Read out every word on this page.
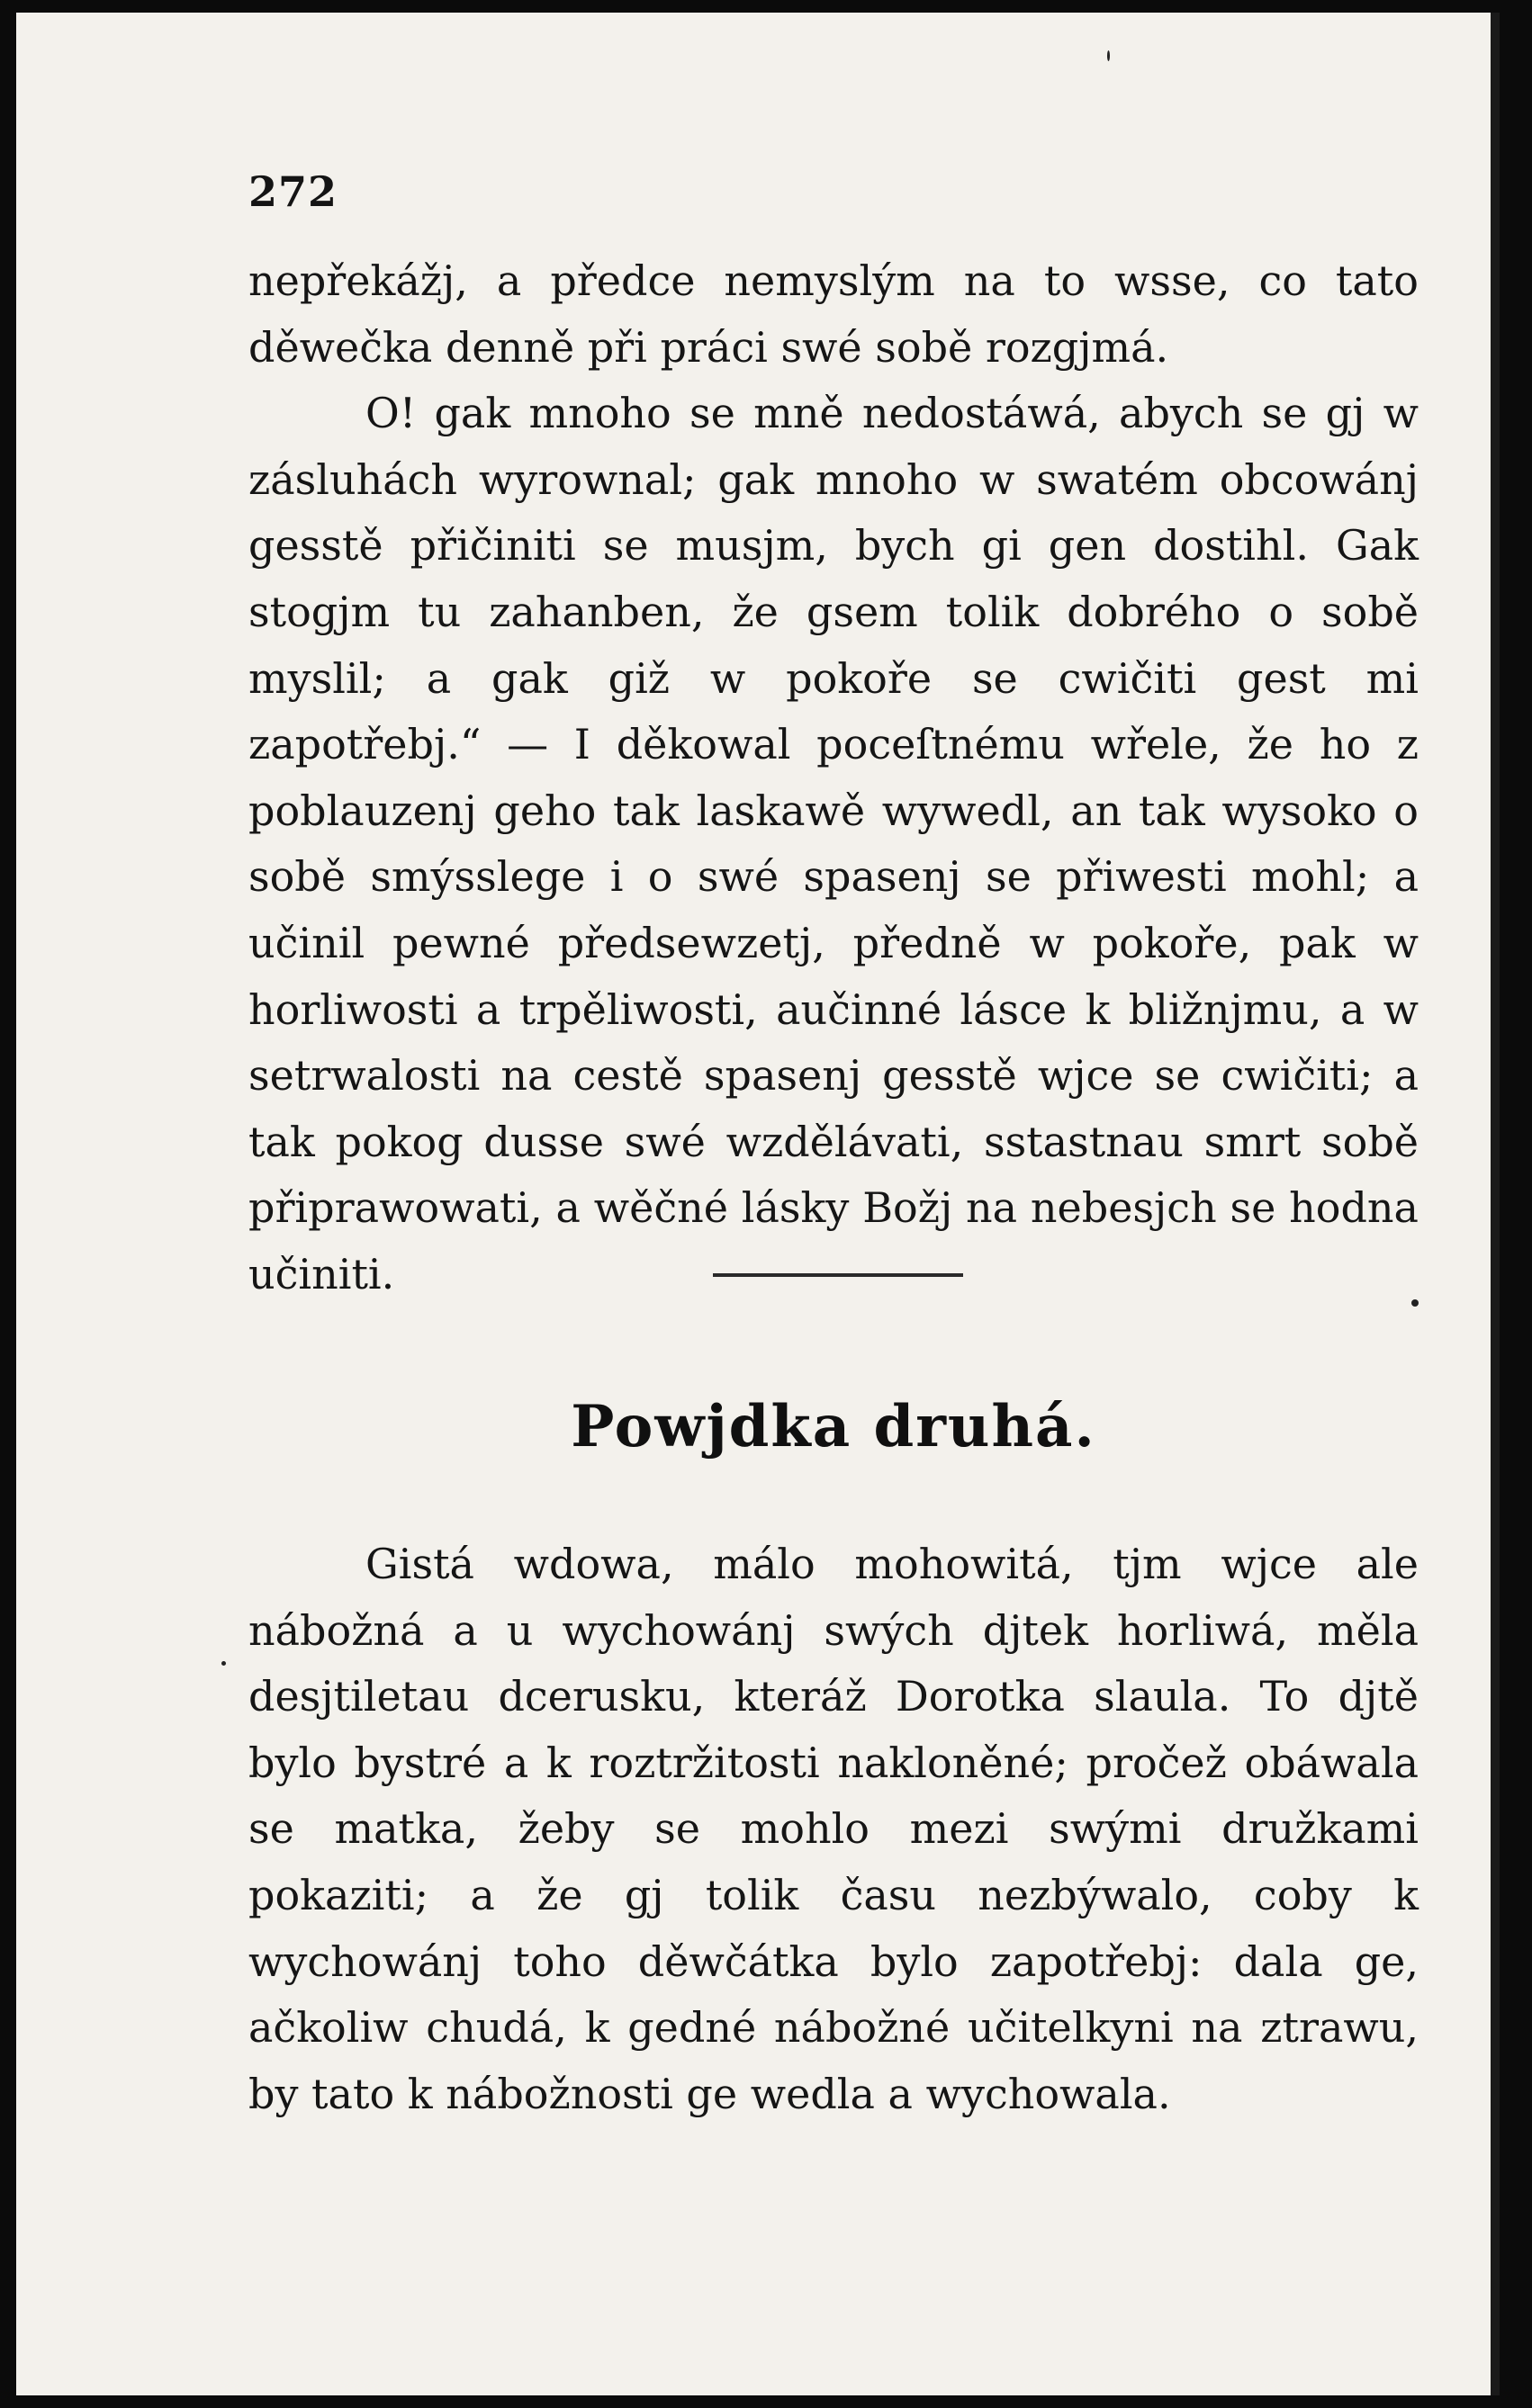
272

nepřekážj, a předce nemyslým na to wsse, co tato děwečka denně při práci swé sobě rozgjmá.

O! gak mnoho se mně nedostáwá, abych se gj w zásluhách wyrownal; gak mnoho w swatém obcowánj gesstě přičiniti se musjm, bych gi gen dostihl. Gak stogjm tu zahanben, že gsem tolik dobrého o sobě myslil; a gak giž w pokoře se cwičiti gest mi zapotřebj.“ — I děkowal poceſtnému wřele, že ho z poblauzenj geho tak laskawě wywedl, an tak wysoko o sobě smýsslege i o swé spasenj se přiwesti mohl; a učinil pewné předsewzetj, předně w pokoře, pak w horliwosti a trpěliwosti, aučinné lásce k bližnjmu, a w setrwalosti na cestě spasenj gesstě wjce se cwičiti; a tak pokog dusse swé wzdělávati, sstastnau smrt sobě připrawowati, a wěčné lásky Božj na nebesjch se hodna učiniti.

Powjdka druhá.

Gistá wdowa, málo mohowitá, tjm wjce ale nábožná a u wychowánj swých djtek horliwá, měla desjtiletau dcerusku, kteráž Dorotka slaula. To djtě bylo bystré a k roztržitosti nakloněné; pročež obáwala se matka, žeby se mohlo mezi swými družkami pokaziti; a že gj tolik času nezbýwalo, coby k wychowánj toho děwčátka bylo zapotřebj: dala ge, ačkoliw chudá, k gedné nábožné učitelkyni na ztrawu, by tato k nábožnosti ge wedla a wychowala.
